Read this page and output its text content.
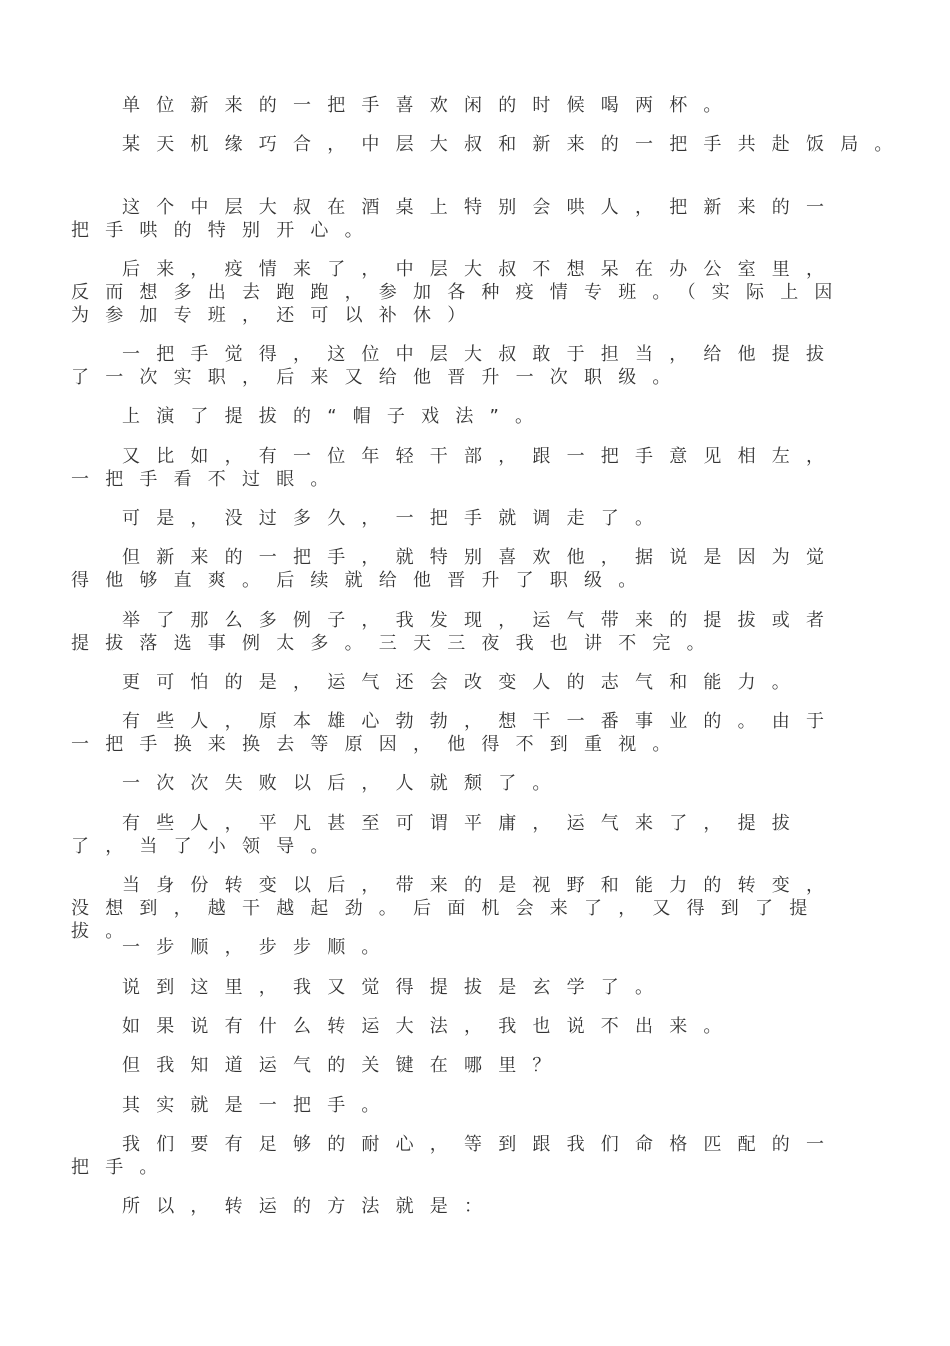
单位新来的一把手喜欢闲的时候喝两杯。

某天机缘巧合，中层大叔和新来的一把手共赴饭局。

这个中层大叔在酒桌上特别会哄人，把新来的一把手哄的特别开心。

后来，疫情来了，中层大叔不想呆在办公室里，反而想多出去跑跑，参加各种疫情专班。（实际上因为参加专班，还可以补休）

一把手觉得，这位中层大叔敢于担当，给他提拔了一次实职，后来又给他晋升一次职级。

上演了提拔的“帽子戏法”。

又比如，有一位年轻干部，跟一把手意见相左，一把手看不过眼。

可是，没过多久，一把手就调走了。

但新来的一把手，就特别喜欢他，据说是因为觉得他够直爽。后续就给他晋升了职级。

举了那么多例子，我发现，运气带来的提拔或者提拔落选事例太多。三天三夜我也讲不完。

更可怕的是，运气还会改变人的志气和能力。

有些人，原本雄心勃勃，想干一番事业的。由于一把手换来换去等原因，他得不到重视。

一次次失败以后，人就颓了。

有些人，平凡甚至可谓平庸，运气来了，提拔了，当了小领导。

当身份转变以后，带来的是视野和能力的转变，没想到，越干越起劲。后面机会来了，又得到了提拔。

一步顺，步步顺。

说到这里，我又觉得提拔是玄学了。

如果说有什么转运大法，我也说不出来。

但我知道运气的关键在哪里？

其实就是一把手。

我们要有足够的耐心，等到跟我们命格匹配的一把手。

所以，转运的方法就是：
